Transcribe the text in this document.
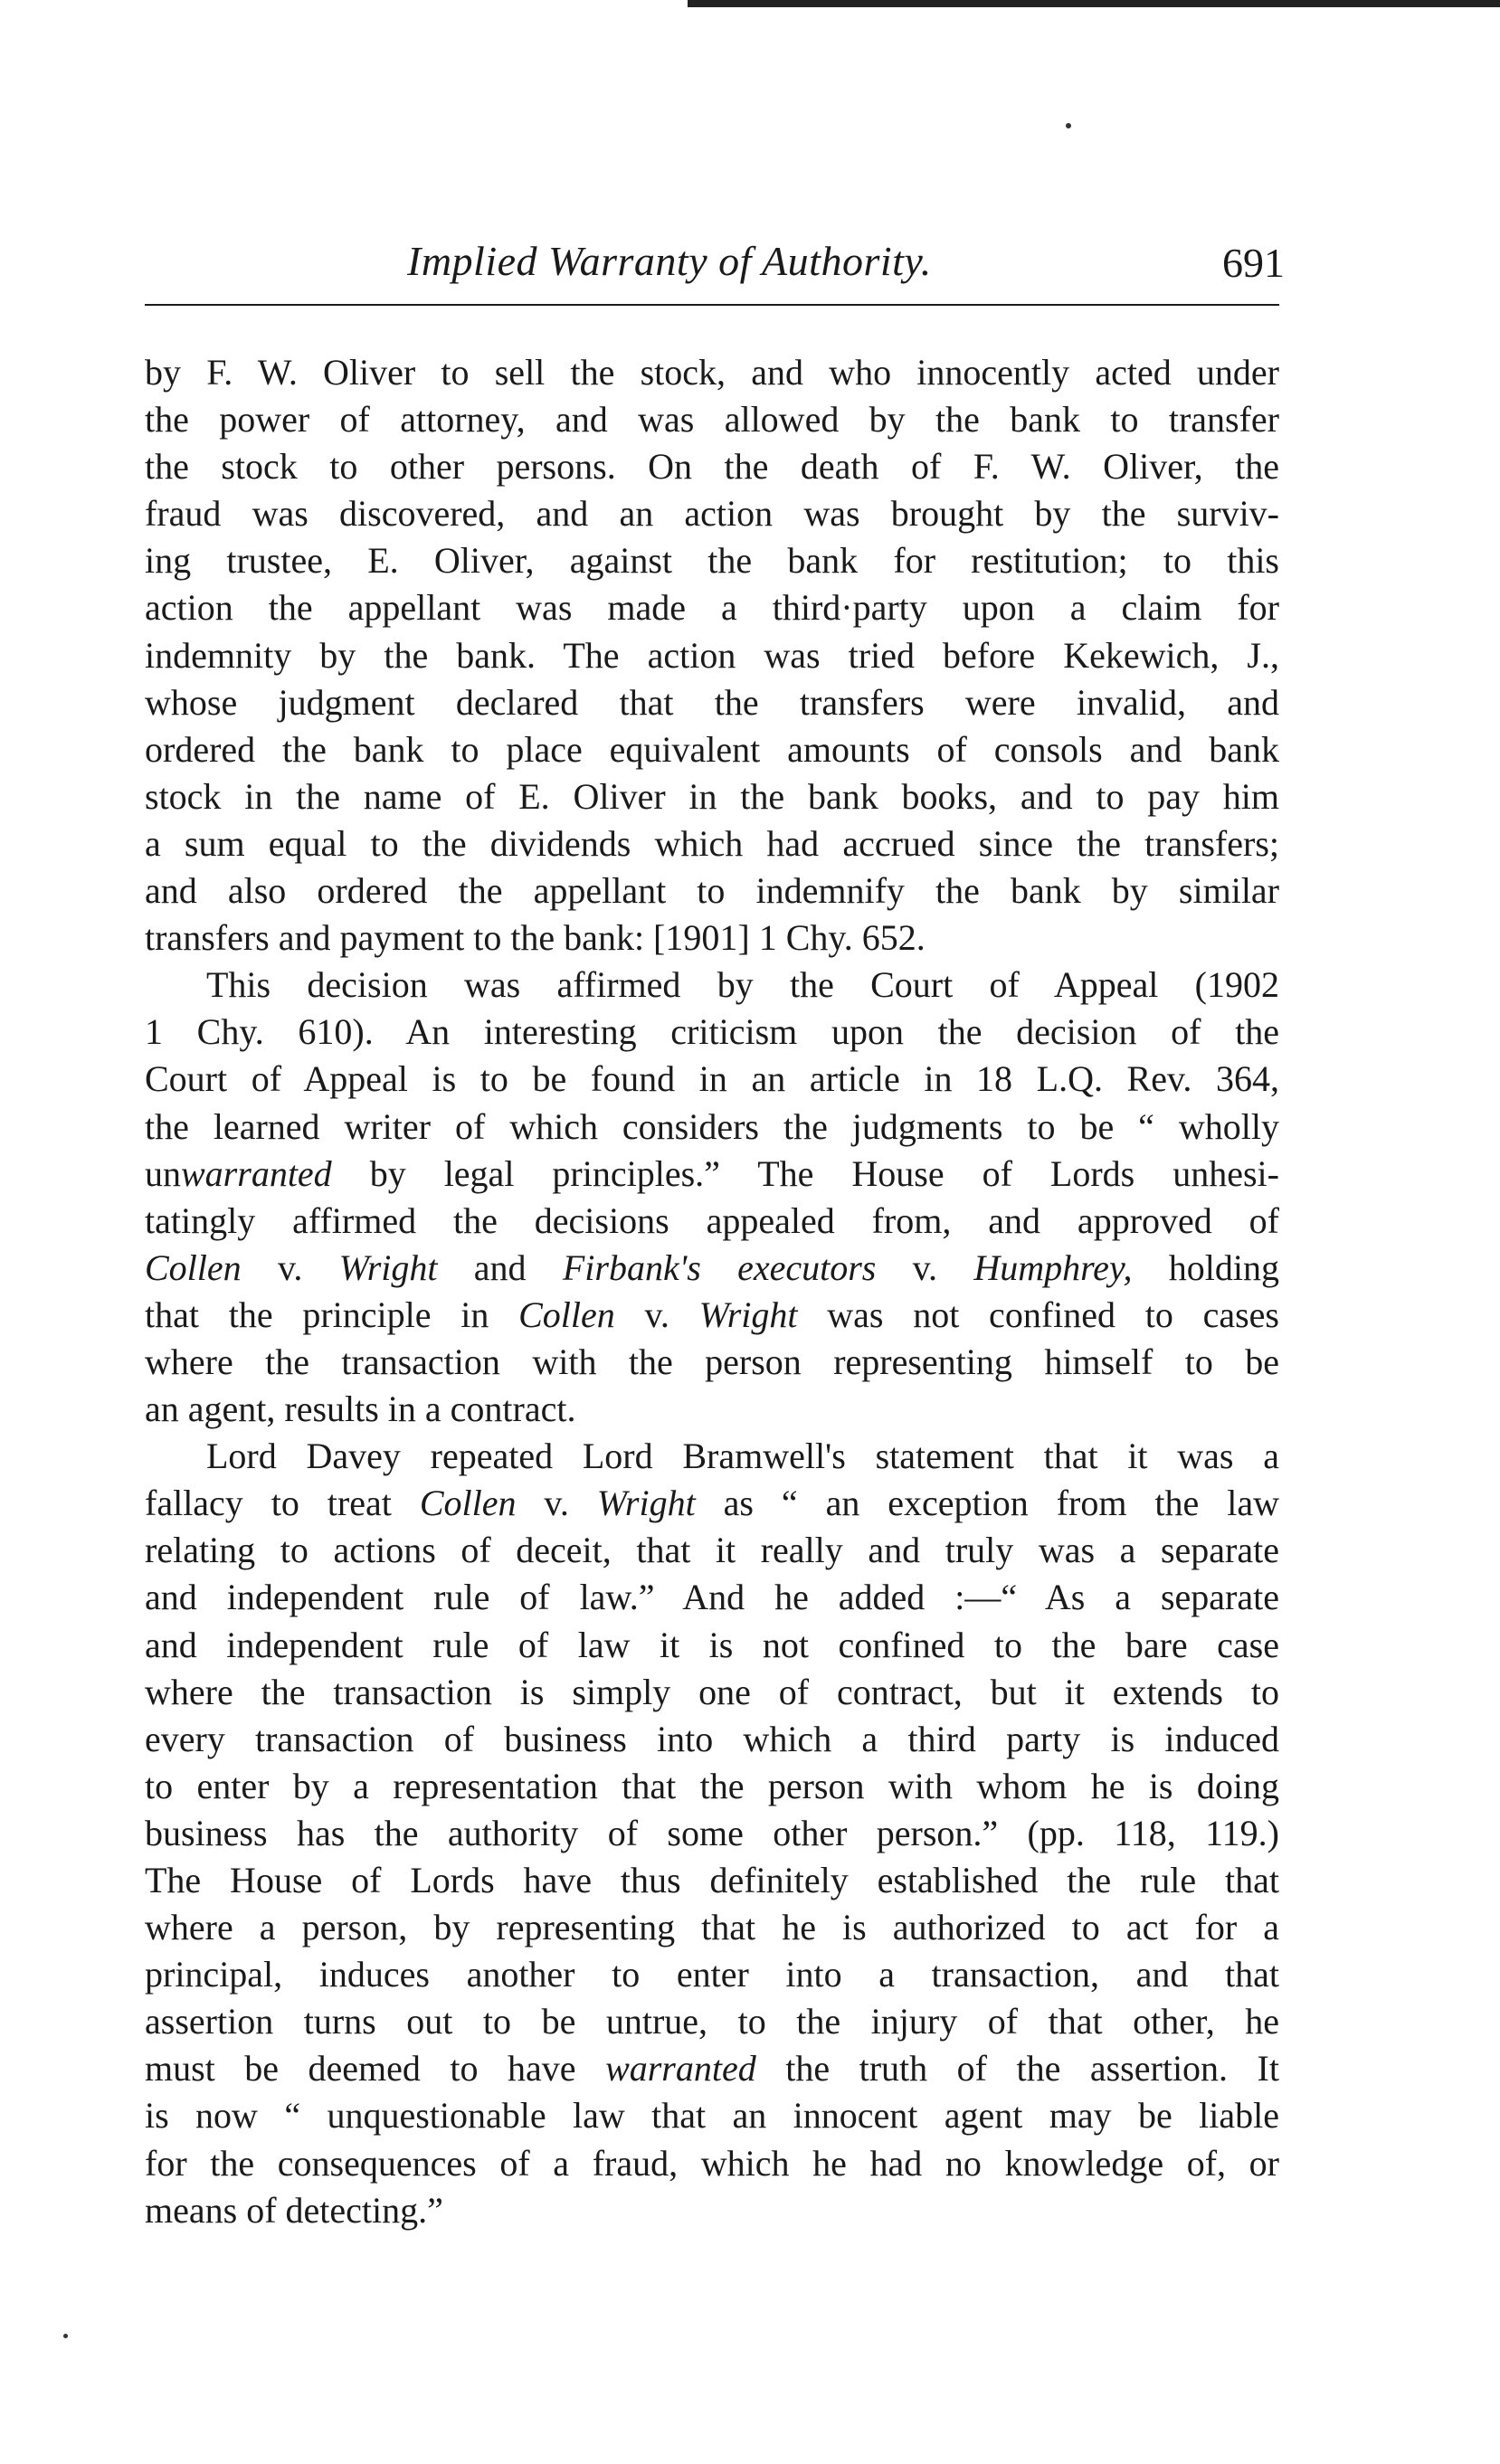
Implied Warranty of Authority.	691
by F. W. Oliver to sell the stock, and who innocently acted under
the power of attorney, and was allowed by the bank to transfer
the stock to other persons. On the death of F. W. Oliver, the
fraud was discovered, and an action was brought by the surviv-
ing trustee, E. Oliver, against the bank for restitution; to this
action the appellant was made a third·party upon a claim for
indemnity by the bank. The action was tried before Kekewich, J.,
whose judgment declared that the transfers were invalid, and
ordered the bank to place equivalent amounts of consols and bank
stock in the name of E. Oliver in the bank books, and to pay him
a sum equal to the dividends which had accrued since the transfers;
and also ordered the appellant to indemnify the bank by similar
transfers and payment to the bank: [1901] 1 Chy. 652.
This decision was affirmed by the Court of Appeal (1902
1 Chy. 610). An interesting criticism upon the decision of the
Court of Appeal is to be found in an article in 18 L.Q. Rev. 364,
the learned writer of which considers the judgments to be “ wholly
unwarranted by legal principles.” The House of Lords unhesi-
tatingly affirmed the decisions appealed from, and approved of
Collen v. Wright and Firbank's executors v. Humphrey, holding
that the principle in Collen v. Wright was not confined to cases
where the transaction with the person representing himself to be
an agent, results in a contract.
Lord Davey repeated Lord Bramwell's statement that it was a
fallacy to treat Collen v. Wright as “ an exception from the law
relating to actions of deceit, that it really and truly was a separate
and independent rule of law.” And he added :—“ As a separate
and independent rule of law it is not confined to the bare case
where the transaction is simply one of contract, but it extends to
every transaction of business into which a third party is induced
to enter by a representation that the person with whom he is doing
business has the authority of some other person.” (pp. 118, 119.)
The House of Lords have thus definitely established the rule that
where a person, by representing that he is authorized to act for a
principal, induces another to enter into a transaction, and that
assertion turns out to be untrue, to the injury of that other, he
must be deemed to have warranted the truth of the assertion. It
is now “ unquestionable law that an innocent agent may be liable
for the consequences of a fraud, which he had no knowledge of, or
means of detecting.”
